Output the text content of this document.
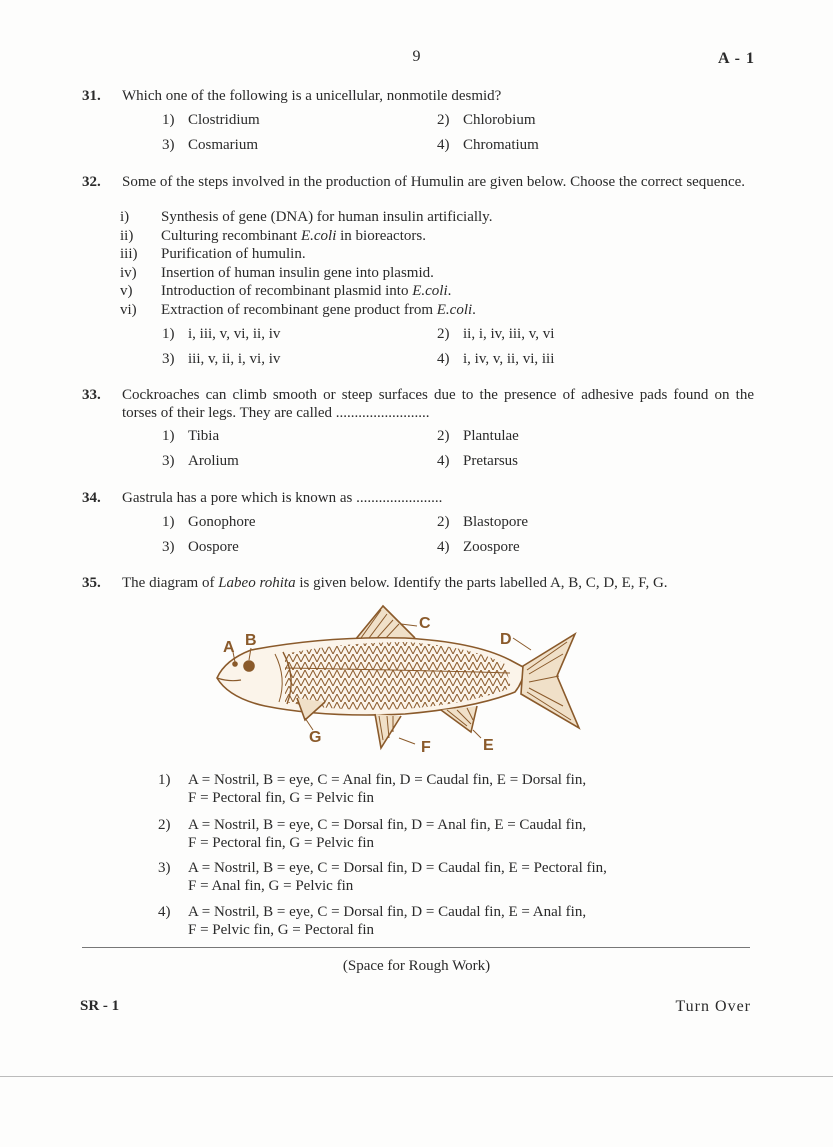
9	A - 1
31. Which one of the following is a unicellular, nonmotile desmid?
1) Clostridium	2) Chlorobium
3) Cosmarium	4) Chromatium
32. Some of the steps involved in the production of Humulin are given below. Choose the correct sequence.
i)	Synthesis of gene (DNA) for human insulin artificially.
ii)	Culturing recombinant E.coli in bioreactors.
iii)	Purification of humulin.
iv)	Insertion of human insulin gene into plasmid.
v)	Introduction of recombinant plasmid into E.coli.
vi)	Extraction of recombinant gene product from E.coli.
1) i, iii, v, vi, ii, iv	2) ii, i, iv, iii, v, vi
3) iii, v, ii, i, vi, iv	4) i, iv, v, ii, vi, iii
33. Cockroaches can climb smooth or steep surfaces due to the presence of adhesive pads found on the torses of their legs. They are called .........................
1) Tibia	2) Plantulae
3) Arolium	4) Pretarsus
34. Gastrula has a pore which is known as .......................
1) Gonophore	2) Blastopore
3) Oospore	4) Zoospore
35. The diagram of Labeo rohita is given below. Identify the parts labelled A, B, C, D, E, F, G.
A B
C
D
E
F
G
1) A = Nostril, B = eye, C = Anal fin, D = Caudal fin, E = Dorsal fin,
F = Pectoral fin, G = Pelvic fin
2) A = Nostril, B = eye, C = Dorsal fin, D = Anal fin, E = Caudal fin,
F = Pectoral fin, G = Pelvic fin
3) A = Nostril, B = eye, C = Dorsal fin, D = Caudal fin, E = Pectoral fin,
F = Anal fin, G = Pelvic fin
4) A = Nostril, B = eye, C = Dorsal fin, D = Caudal fin, E = Anal fin,
F = Pelvic fin, G = Pectoral fin
(Space for Rough Work)
SR - 1	Turn Over
